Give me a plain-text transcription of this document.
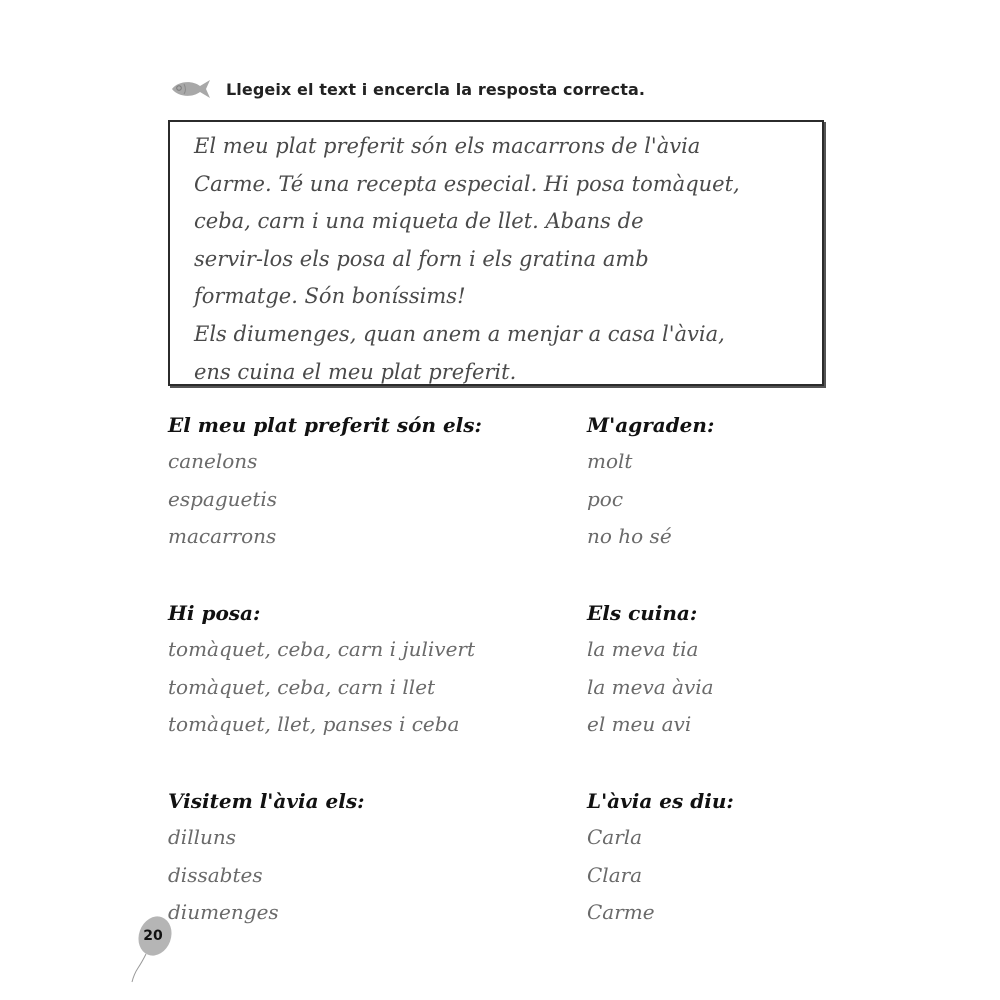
Llegeix el text i encercla la resposta correcta.
El meu plat preferit són els macarrons de l'àvia
Carme. Té una recepta especial. Hi posa tomàquet,
ceba, carn i una miqueta de llet. Abans de
servir-los els posa al forn i els gratina amb
formatge. Són boníssims!
Els diumenges, quan anem a menjar a casa l'àvia,
ens cuina el meu plat preferit.
El meu plat preferit són els:
canelons
espaguetis
macarrons
M'agraden:
molt
poc
no ho sé
Hi posa:
tomàquet, ceba, carn i julivert
tomàquet, ceba, carn i llet
tomàquet, llet, panses i ceba
Els cuina:
la meva tia
la meva àvia
el meu avi
Visitem l'àvia els:
dilluns
dissabtes
diumenges
L'àvia es diu:
Carla
Clara
Carme
20
